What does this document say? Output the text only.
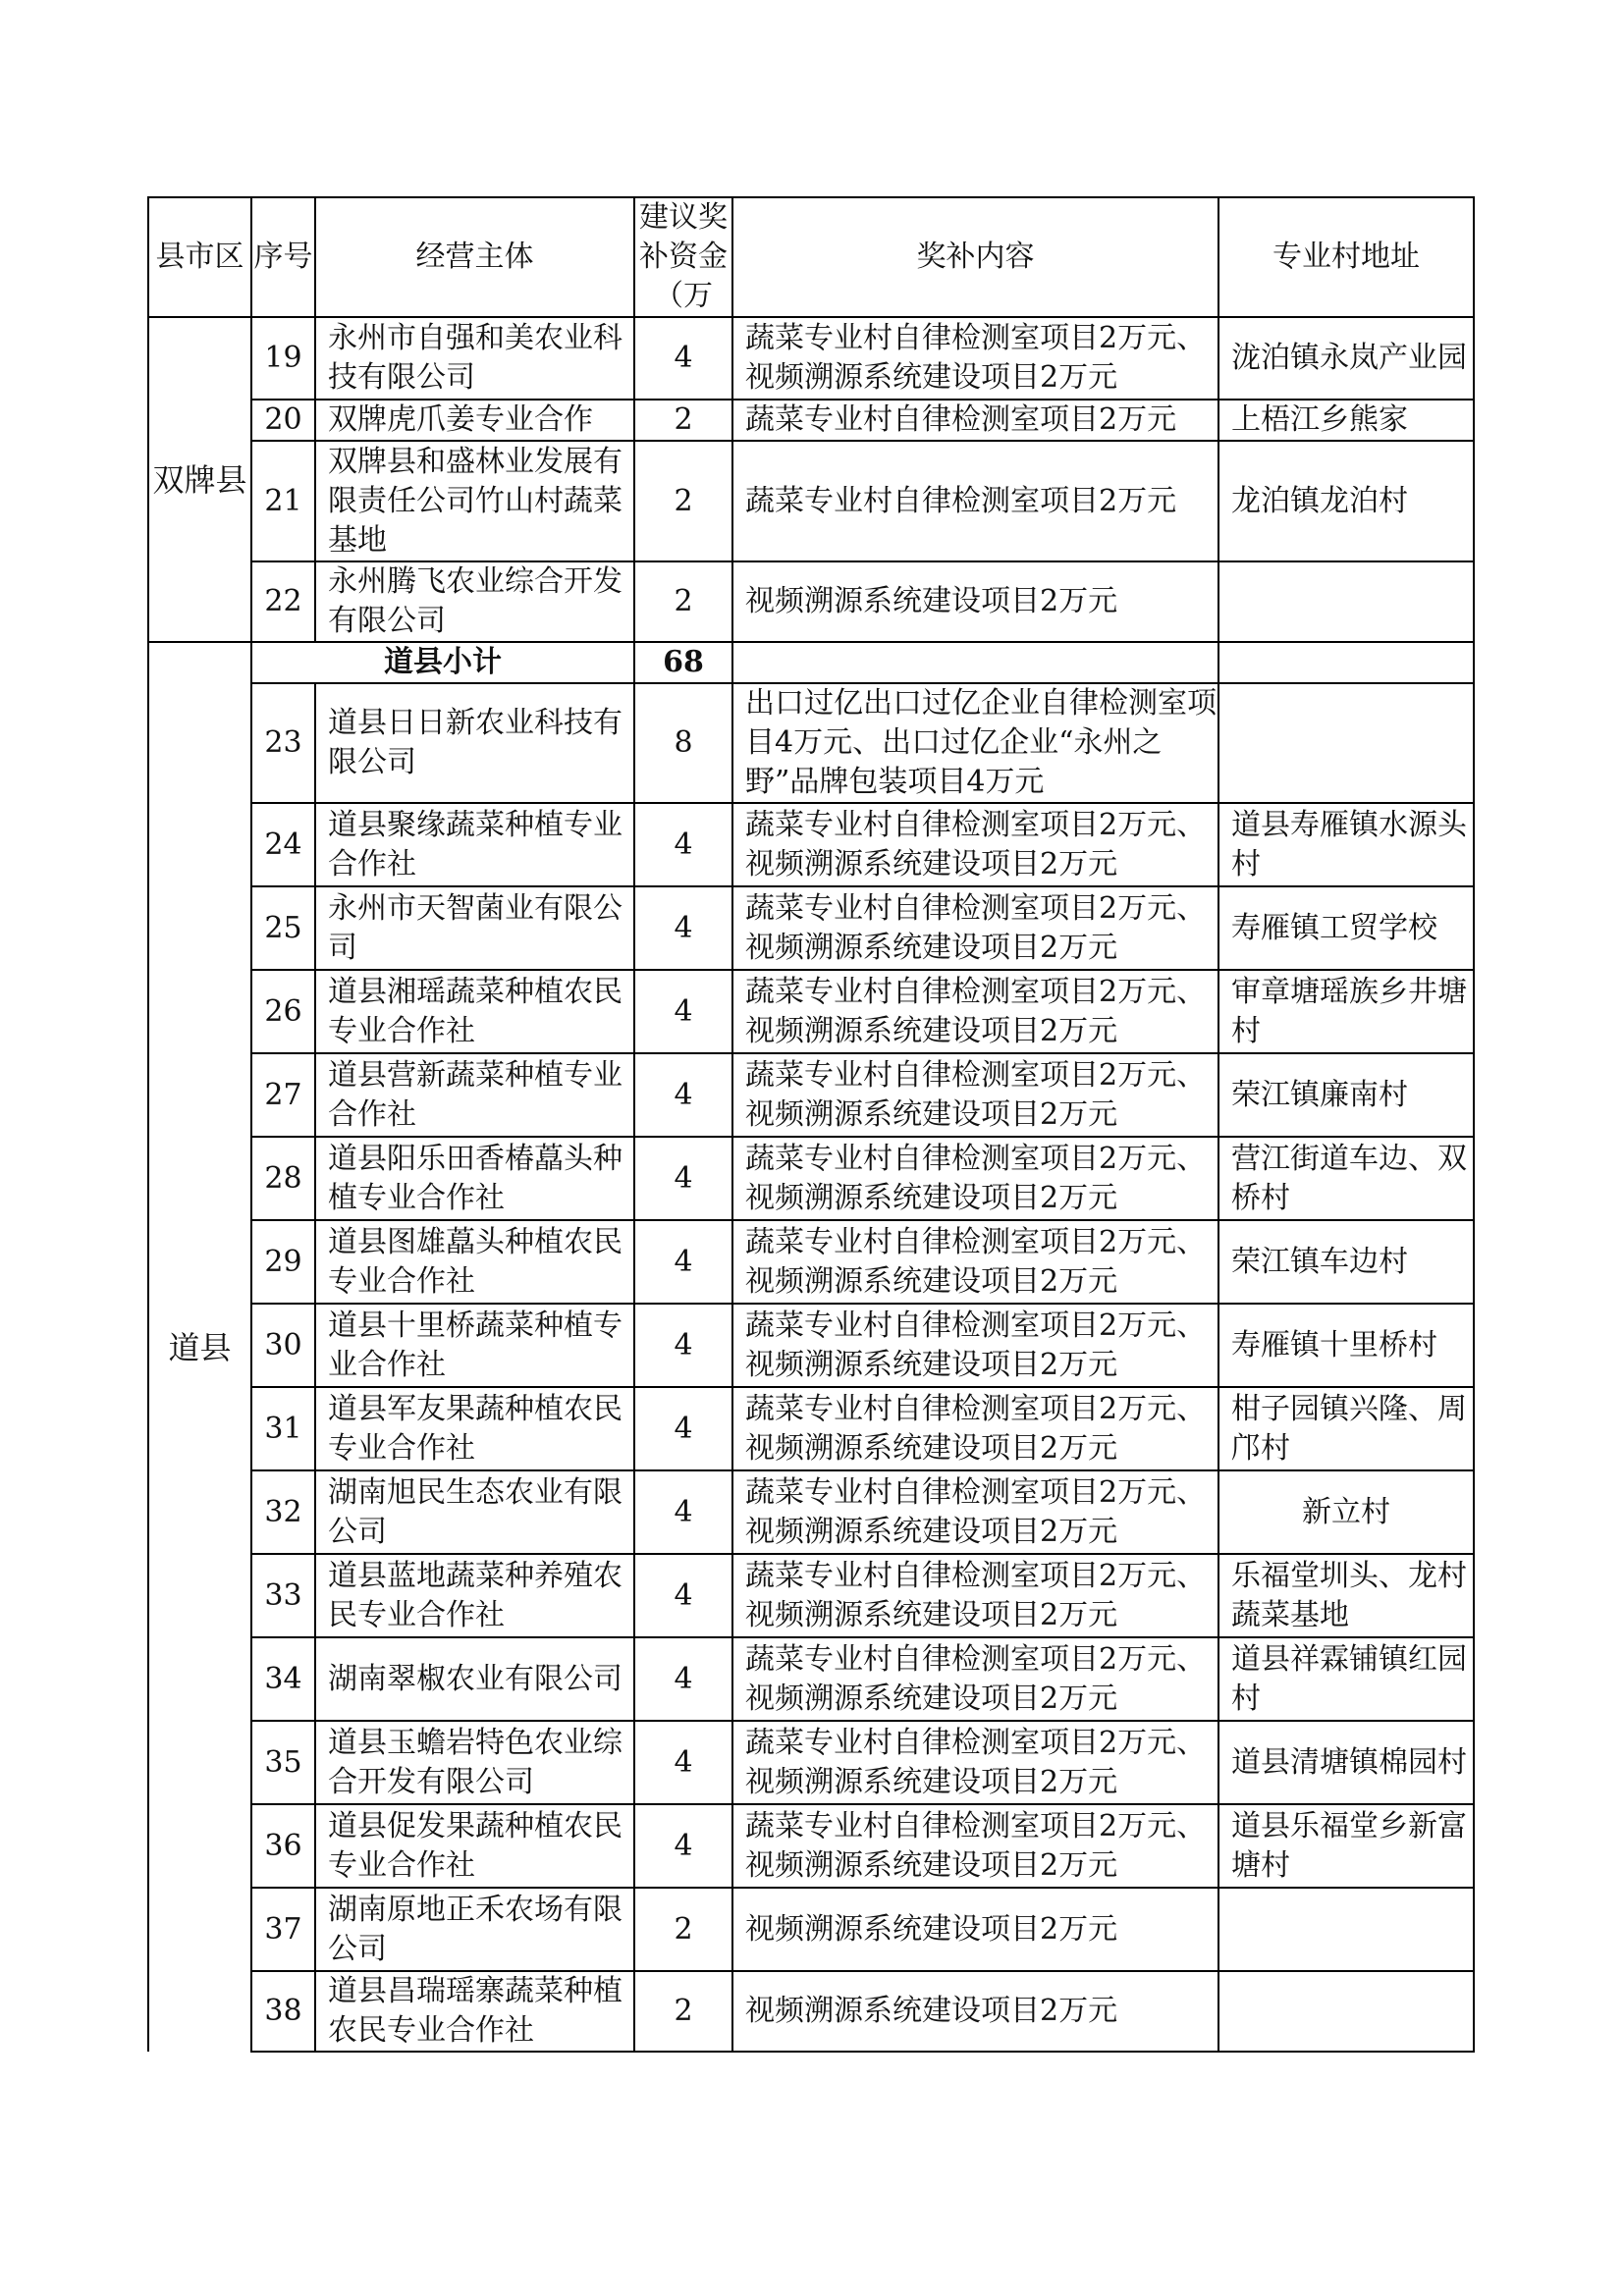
县市区	序号	经营主体	建议奖补资金（万	奖补内容	专业村地址

双牌县	19	永州市自强和美农业科技有限公司	4	蔬菜专业村自律检测室项目2万元、视频溯源系统建设项目2万元	泷泊镇永岚产业园
	20	双牌虎爪姜专业合作	2	蔬菜专业村自律检测室项目2万元	上梧江乡熊家
	21	双牌县和盛林业发展有限责任公司竹山村蔬菜基地	2	蔬菜专业村自律检测室项目2万元	龙泊镇龙泊村
	22	永州腾飞农业综合开发有限公司	2	视频溯源系统建设项目2万元	

道县	道县小计		68		
	23	道县日日新农业科技有限公司	8	出口过亿出口过亿企业自律检测室项目4万元、出口过亿企业“永州之野”品牌包装项目4万元	
	24	道县聚缘蔬菜种植专业合作社	4	蔬菜专业村自律检测室项目2万元、视频溯源系统建设项目2万元	道县寿雁镇水源头村
	25	永州市天智菌业有限公司	4	蔬菜专业村自律检测室项目2万元、视频溯源系统建设项目2万元	寿雁镇工贸学校
	26	道县湘瑶蔬菜种植农民专业合作社	4	蔬菜专业村自律检测室项目2万元、视频溯源系统建设项目2万元	审章塘瑶族乡井塘村
	27	道县营新蔬菜种植专业合作社	4	蔬菜专业村自律检测室项目2万元、视频溯源系统建设项目2万元	荣江镇廉南村
	28	道县阳乐田香椿藠头种植专业合作社	4	蔬菜专业村自律检测室项目2万元、视频溯源系统建设项目2万元	营江街道车边、双桥村
	29	道县图雄藠头种植农民专业合作社	4	蔬菜专业村自律检测室项目2万元、视频溯源系统建设项目2万元	荣江镇车边村
	30	道县十里桥蔬菜种植专业合作社	4	蔬菜专业村自律检测室项目2万元、视频溯源系统建设项目2万元	寿雁镇十里桥村
	31	道县军友果蔬种植农民专业合作社	4	蔬菜专业村自律检测室项目2万元、视频溯源系统建设项目2万元	柑子园镇兴隆、周邝村
	32	湖南旭民生态农业有限公司	4	蔬菜专业村自律检测室项目2万元、视频溯源系统建设项目2万元	新立村
	33	道县蓝地蔬菜种养殖农民专业合作社	4	蔬菜专业村自律检测室项目2万元、视频溯源系统建设项目2万元	乐福堂圳头、龙村蔬菜基地
	34	湖南翠椒农业有限公司	4	蔬菜专业村自律检测室项目2万元、视频溯源系统建设项目2万元	道县祥霖铺镇红园村
	35	道县玉蟾岩特色农业综合开发有限公司	4	蔬菜专业村自律检测室项目2万元、视频溯源系统建设项目2万元	道县清塘镇棉园村
	36	道县促发果蔬种植农民专业合作社	4	蔬菜专业村自律检测室项目2万元、视频溯源系统建设项目2万元	道县乐福堂乡新富塘村
	37	湖南原地正禾农场有限公司	2	视频溯源系统建设项目2万元	
	38	道县昌瑞瑶寨蔬菜种植农民专业合作社	2	视频溯源系统建设项目2万元	
